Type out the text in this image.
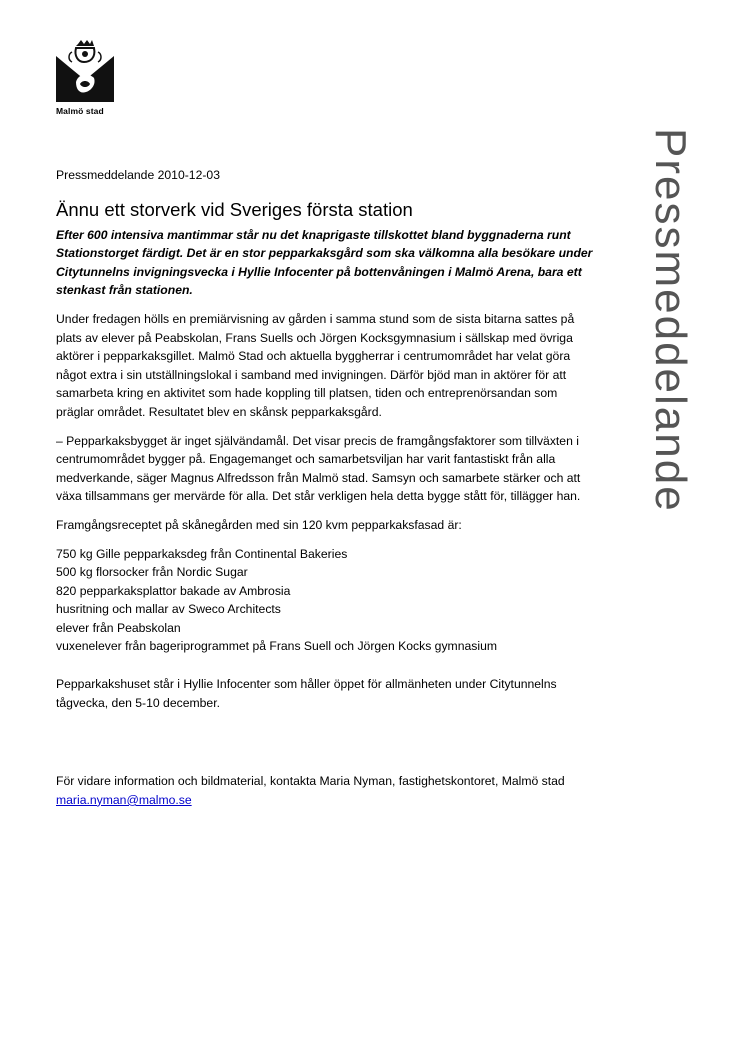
Malmö stad
Pressmeddelande
Pressmeddelande 2010-12-03
Ännu ett storverk vid Sveriges första station
Efter 600 intensiva mantimmar står nu det knaprigaste tillskottet bland byggnaderna runt Stationstorget färdigt. Det är en stor pepparkaksgård som ska välkomna alla besökare under Citytunnelns invigningsvecka i Hyllie Infocenter på bottenvåningen i Malmö Arena, bara ett stenkast från stationen.

Under fredagen hölls en premiärvisning av gården i samma stund som de sista bitarna sattes på plats av elever på Peabskolan, Frans Suells och Jörgen Kocksgymnasium i sällskap med övriga aktörer i pepparkaksgillet. Malmö Stad och aktuella byggherrar i centrumområdet har velat göra något extra i sin utställningslokal i samband med invigningen. Därför bjöd man in aktörer för att samarbeta kring en aktivitet som hade koppling till platsen, tiden och entreprenörsandan som präglar området. Resultatet blev en skånsk pepparkaksgård.

– Pepparkaksbygget är inget självändamål. Det visar precis de framgångsfaktorer som tillväxten i centrumområdet bygger på. Engagemanget och samarbetsviljan har varit fantastiskt från alla medverkande, säger Magnus Alfredsson från Malmö stad. Samsyn och samarbete stärker och att växa tillsammans ger mervärde för alla. Det står verkligen hela detta bygge stått för, tillägger han.

Framgångsreceptet på skånegården med sin 120 kvm pepparkaksfasad är:

750 kg Gille pepparkaksdeg från Continental Bakeries
500 kg florsocker från Nordic Sugar
820 pepparkaksplattor bakade av Ambrosia
husritning och mallar av Sweco Architects
elever från Peabskolan
vuxenelever från bageriprogrammet på Frans Suell och Jörgen Kocks gymnasium

Pepparkakshuset står i Hyllie Infocenter som håller öppet för allmänheten under Citytunnelns tågvecka, den 5-10 december.

För vidare information och bildmaterial, kontakta Maria Nyman, fastighetskontoret, Malmö stad
maria.nyman@malmo.se
